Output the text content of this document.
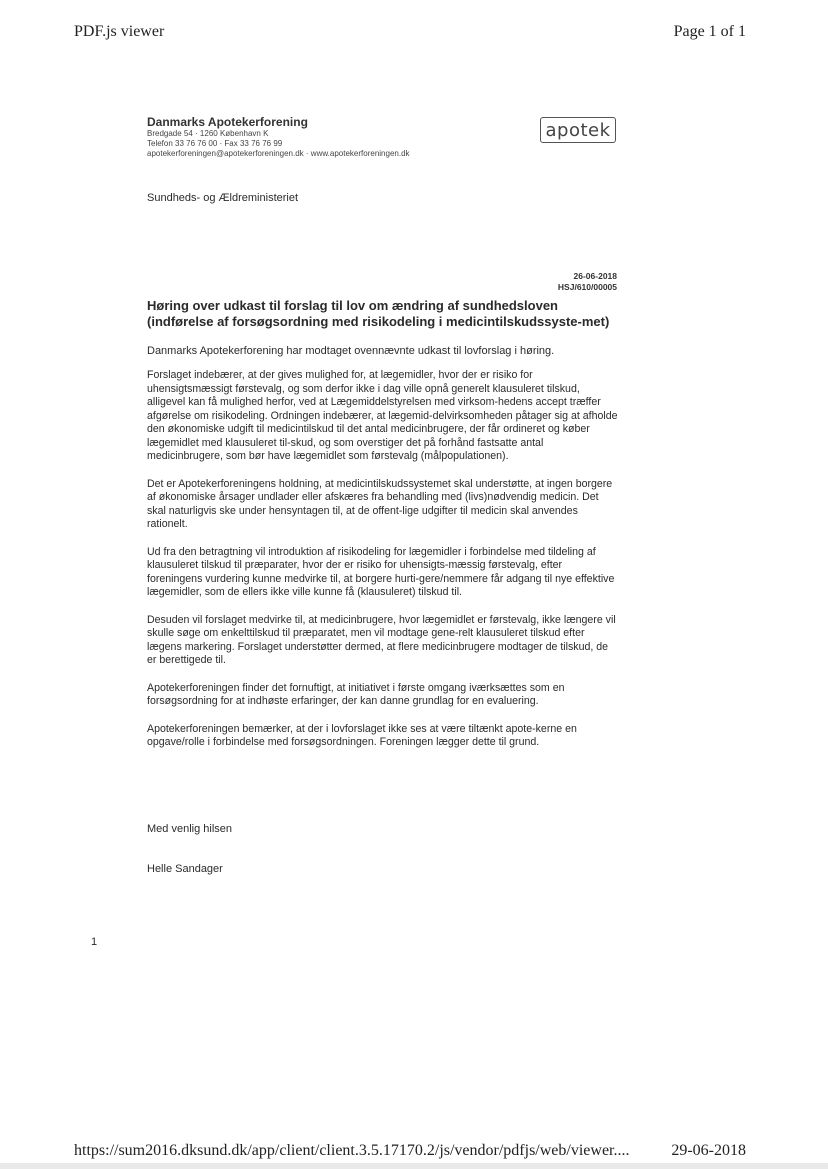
PDF.js viewer	Page 1 of 1
Danmarks Apotekerforening
Bredgade 54 · 1260 København K
Telefon 33 76 76 00 · Fax 33 76 76 99
apotekerforeningen@apotekerforeningen.dk · www.apotekerforeningen.dk
apotek
Sundheds- og Ældreministeriet
26-06-2018
HSJ/610/00005
Høring over udkast til forslag til lov om ændring af sundhedsloven (indførelse af forsøgsordning med risikodeling i medicintilskudssyste-met)
Danmarks Apotekerforening har modtaget ovennævnte udkast til lovforslag i høring.

Forslaget indebærer, at der gives mulighed for, at lægemidler, hvor der er risiko for uhensigtsmæssigt førstevalg, og som derfor ikke i dag ville opnå generelt klausuleret tilskud, alligevel kan få mulighed herfor, ved at Lægemiddelstyrelsen med virksom-hedens accept træffer afgørelse om risikodeling. Ordningen indebærer, at lægemid-delvirksomheden påtager sig at afholde den økonomiske udgift til medicintilskud til det antal medicinbrugere, der får ordineret og køber lægemidlet med klausuleret til-skud, og som overstiger det på forhånd fastsatte antal medicinbrugere, som bør have lægemidlet som førstevalg (målpopulationen).

Det er Apotekerforeningens holdning, at medicintilskudssystemet skal understøtte, at ingen borgere af økonomiske årsager undlader eller afskæres fra behandling med (livs)nødvendig medicin. Det skal naturligvis ske under hensyntagen til, at de offent-lige udgifter til medicin skal anvendes rationelt.

Ud fra den betragtning vil introduktion af risikodeling for lægemidler i forbindelse med tildeling af klausuleret tilskud til præparater, hvor der er risiko for uhensigts-mæssig førstevalg, efter foreningens vurdering kunne medvirke til, at borgere hurti-gere/nemmere får adgang til nye effektive lægemidler, som de ellers ikke ville kunne få (klausuleret) tilskud til.

Desuden vil forslaget medvirke til, at medicinbrugere, hvor lægemidlet er førstevalg, ikke længere vil skulle søge om enkelttilskud til præparatet, men vil modtage gene-relt klausuleret tilskud efter lægens markering. Forslaget understøtter dermed, at flere medicinbrugere modtager de tilskud, de er berettigede til.

Apotekerforeningen finder det fornuftigt, at initiativet i første omgang iværksættes som en forsøgsordning for at indhøste erfaringer, der kan danne grundlag for en evaluering.

Apotekerforeningen bemærker, at der i lovforslaget ikke ses at være tiltænkt apote-kerne en opgave/rolle i forbindelse med forsøgsordningen. Foreningen lægger dette til grund.

Med venlig hilsen
Helle Sandager
1
https://sum2016.dksund.dk/app/client/client.3.5.17170.2/js/vendor/pdfjs/web/viewer....	29-06-2018
